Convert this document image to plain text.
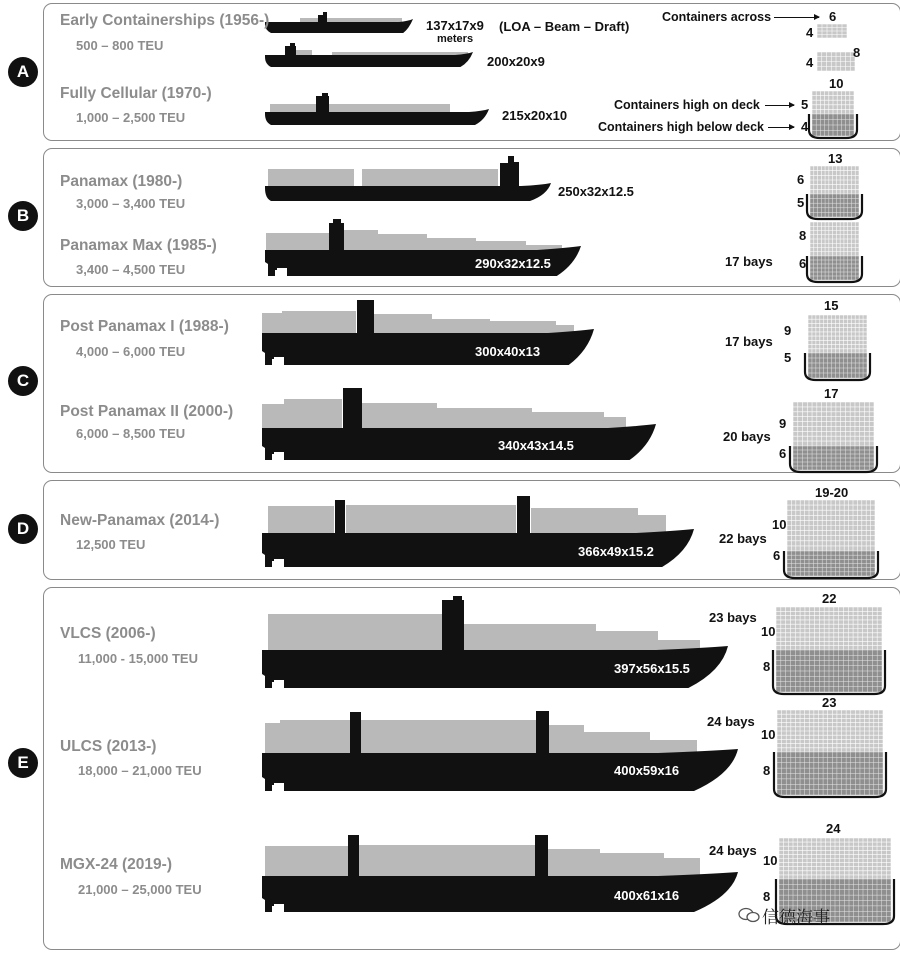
A
B
C
D
E
Early Containerships (1956-)
500 – 800 TEU
Fully Cellular (1970-)
1,000 – 2,500 TEU
Panamax (1980-)
3,000 – 3,400 TEU
Panamax Max (1985-)
3,400 – 4,500 TEU
Post Panamax I (1988-)
4,000 – 6,000 TEU
Post Panamax II (2000-)
6,000 – 8,500 TEU
New-Panamax (2014-)
12,500 TEU
VLCS (2006-)
11,000 - 15,000 TEU
ULCS (2013-)
18,000 – 21,000 TEU
MGX-24 (2019-)
21,000 – 25,000 TEU
137x17x9 (LOA – Beam – Draft)
meters
200x20x9
215x20x10
250x32x12.5
290x32x12.5
300x40x13
340x43x14.5
366x49x15.2
397x56x15.5
400x59x16
400x61x16
17 bays
17 bays
20 bays
22 bays
23 bays
24 bays
24 bays
6
4
8
4
10
5
4
13
6
5
8
6
15
9
5
17
9
6
19-20
10
6
22
10
8
23
10
8
24
10
8
Containers across
Containers high on deck
Containers high below deck
信德海事
